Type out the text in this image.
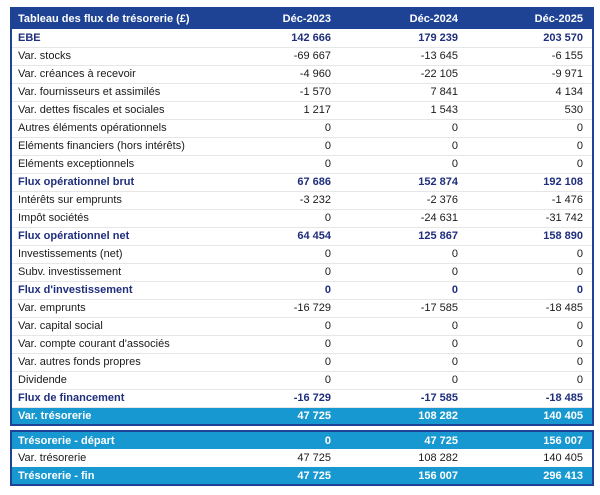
Tableau des flux de trésorerie (£)	Déc-2023	Déc-2024	Déc-2025
EBE	142 666	179 239	203 570
Var. stocks	-69 667	-13 645	-6 155
Var. créances à recevoir	-4 960	-22 105	-9 971
Var. fournisseurs et assimilés	-1 570	7 841	4 134
Var. dettes fiscales et sociales	1 217	1 543	530
Autres éléments opérationnels	0	0	0
Eléments financiers (hors intérêts)	0	0	0
Eléments exceptionnels	0	0	0
Flux opérationnel brut	67 686	152 874	192 108
Intérêts sur emprunts	-3 232	-2 376	-1 476
Impôt sociétés	0	-24 631	-31 742
Flux opérationnel net	64 454	125 867	158 890
Investissements (net)	0	0	0
Subv. investissement	0	0	0
Flux d'investissement	0	0	0
Var. emprunts	-16 729	-17 585	-18 485
Var. capital social	0	0	0
Var. compte courant d'associés	0	0	0
Var. autres fonds propres	0	0	0
Dividende	0	0	0
Flux de financement	-16 729	-17 585	-18 485
Var. trésorerie	47 725	108 282	140 405
Trésorerie - départ	0	47 725	156 007
Var. trésorerie	47 725	108 282	140 405
Trésorerie - fin	47 725	156 007	296 413
